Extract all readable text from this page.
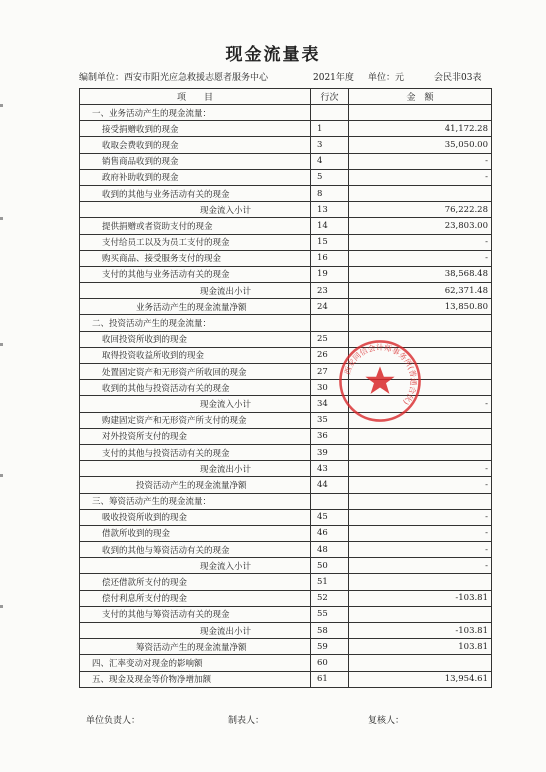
现金流量表
编制单位：西安市阳光应急救援志愿者服务中心	2021年度 单位：元	会民非03表
项　　目	行次	金　额
一、业务活动产生的现金流量：		
接受捐赠收到的现金	1	41,172.28
收取会费收到的现金	3	35,050.00
销售商品收到的现金	4	-
政府补助收到的现金	5	-
收到的其他与业务活动有关的现金	8	
现金流入小计	13	76,222.28
提供捐赠或者资助支付的现金	14	23,803.00
支付给员工以及为员工支付的现金	15	-
购买商品、接受服务支付的现金	16	-
支付的其他与业务活动有关的现金	19	38,568.48
现金流出小计	23	62,371.48
业务活动产生的现金流量净额	24	13,850.80
二、投资活动产生的现金流量：		
收回投资所收到的现金	25	
取得投资收益所收到的现金	26	
处置固定资产和无形资产所收回的现金	27	
收到的其他与投资活动有关的现金	30	
现金流入小计	34	-
购建固定资产和无形资产所支付的现金	35	
对外投资所支付的现金	36	
支付的其他与投资活动有关的现金	39	
现金流出小计	43	-
投资活动产生的现金流量净额	44	-
三、筹资活动产生的现金流量：		
吸收投资所收到的现金	45	-
借款所收到的现金	46	-
收到的其他与筹资活动有关的现金	48	-
现金流入小计	50	-
偿还借款所支付的现金	51	
偿付利息所支付的现金	52	-103.81
支付的其他与筹资活动有关的现金	55	
现金流出小计	58	-103.81
筹资活动产生的现金流量净额	59	103.81
四、汇率变动对现金的影响额	60	
五、现金及现金等价物净增加额	61	13,954.61
西安同信会计师事务所(普通合伙)
单位负责人：	制表人：	复核人：
